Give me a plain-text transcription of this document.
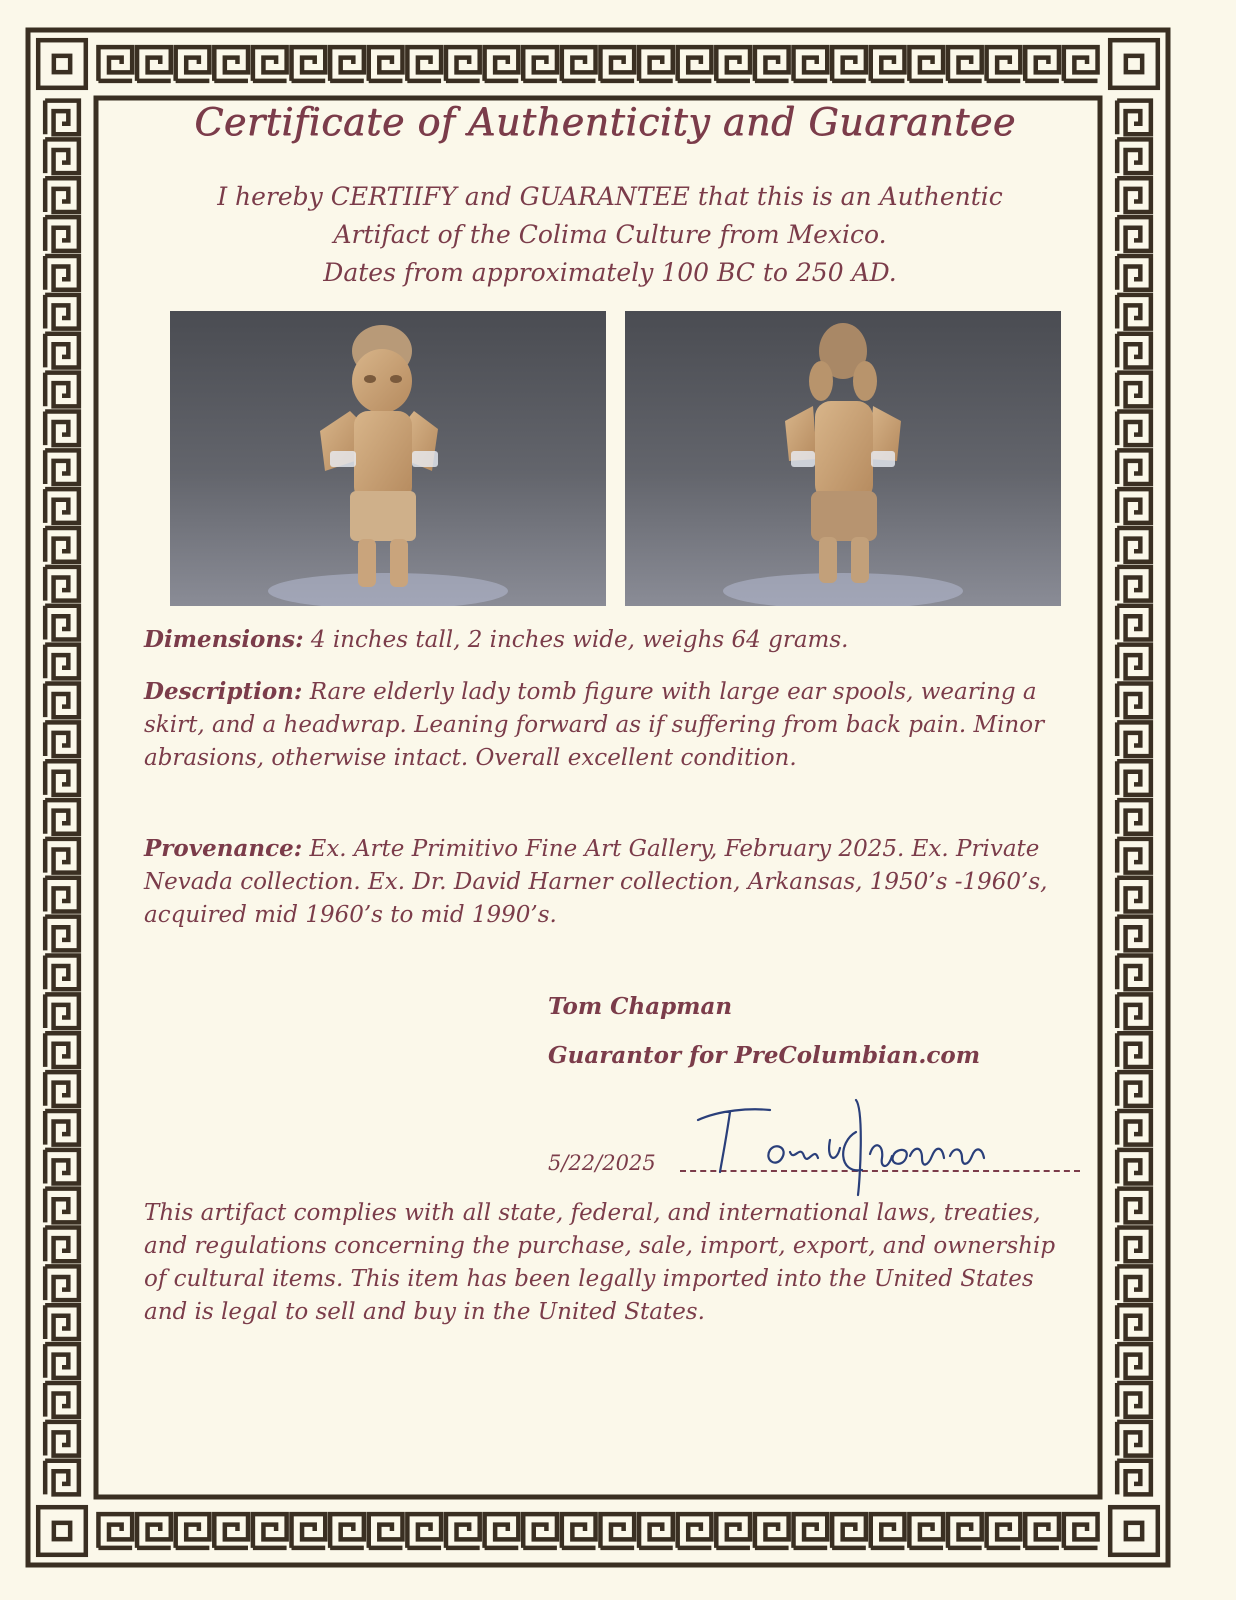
Certificate of Authenticity and Guarantee
I hereby CERTIIFY and GUARANTEE that this is an Authentic
Artifact of the Colima Culture from Mexico.
Dates from approximately 100 BC to 250 AD.
Dimensions: 4 inches tall, 2 inches wide, weighs 64 grams.
Description: Rare elderly lady tomb figure with large ear spools, wearing a skirt, and a headwrap. Leaning forward as if suffering from back pain. Minor abrasions, otherwise intact. Overall excellent condition.
Provenance: Ex. Arte Primitivo Fine Art Gallery, February 2025. Ex. Private Nevada collection. Ex. Dr. David Harner collection, Arkansas, 1950’s -1960’s, acquired mid 1960’s to mid 1990’s.
Tom Chapman
Guarantor for PreColumbian.com
5/22/2025
This artifact complies with all state, federal, and international laws, treaties, and regulations concerning the purchase, sale, import, export, and ownership of cultural items. This item has been legally imported into the United States and is legal to sell and buy in the United States.
